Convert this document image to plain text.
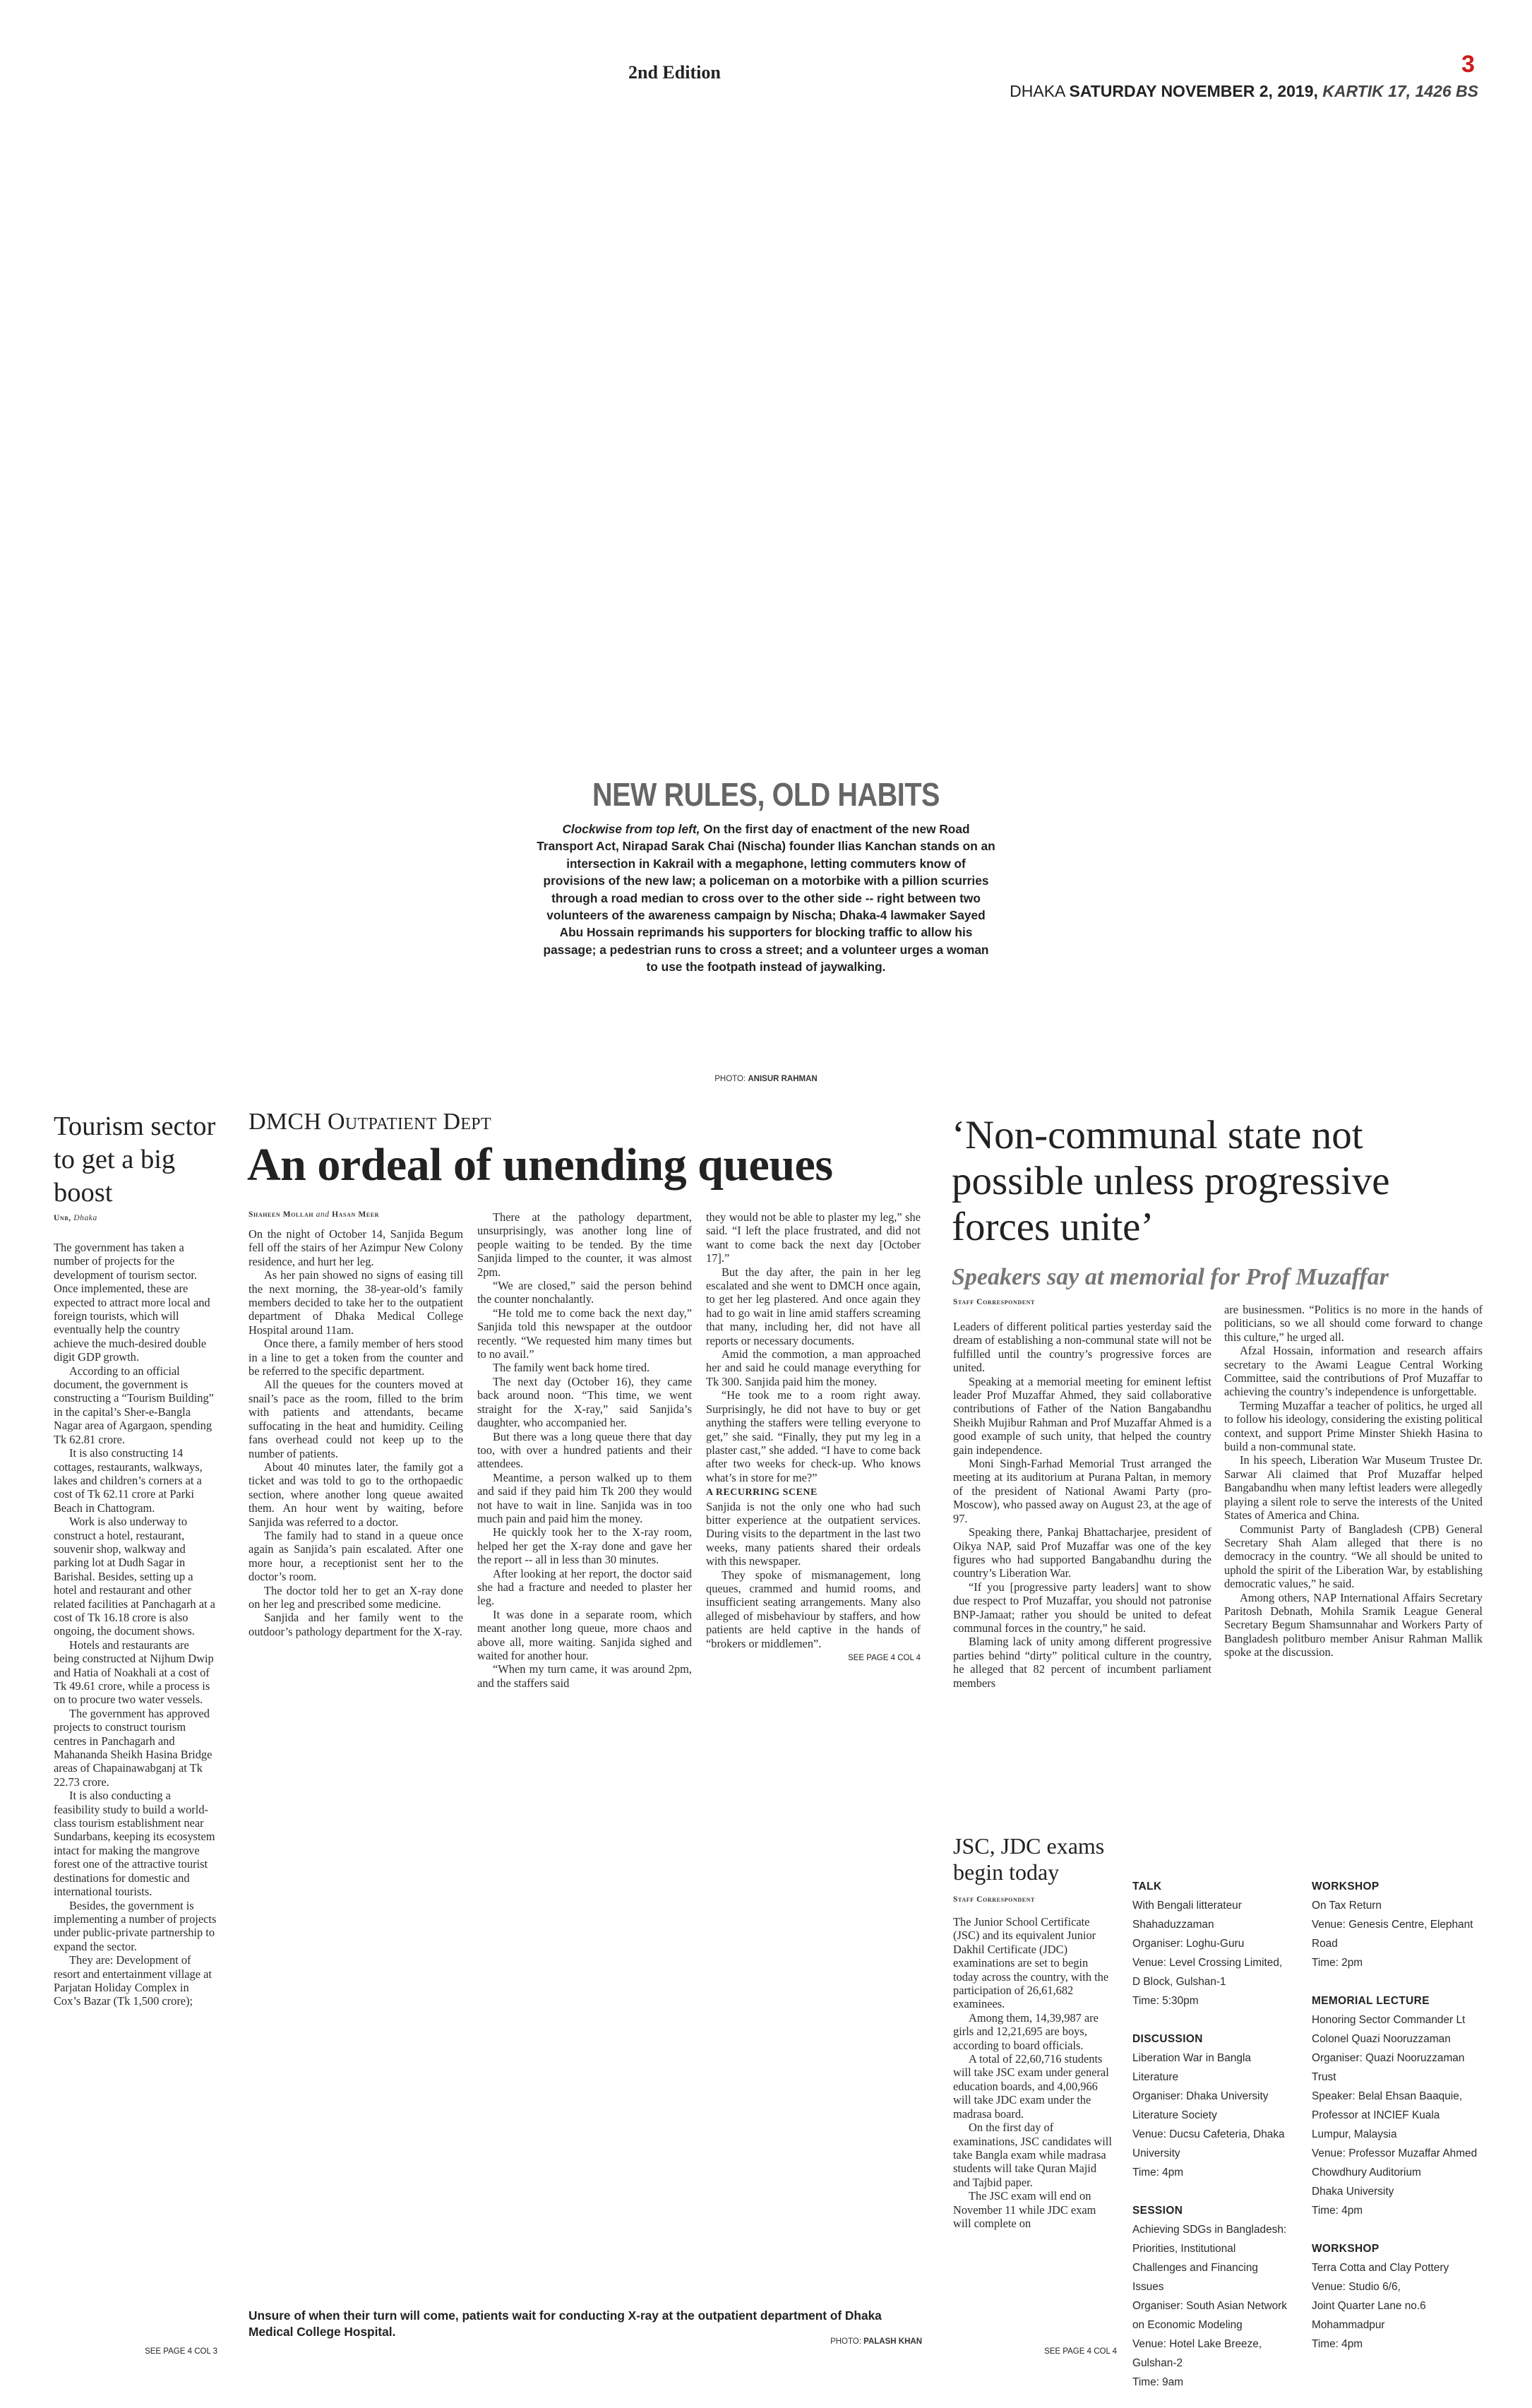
2nd Edition	3
DHAKA SATURDAY NOVEMBER 2, 2019, KARTIK 17, 1426 BS
NEW RULES, OLD HABITS
Clockwise from top left, On the first day of enactment of the new Road Transport Act, Nirapad Sarak Chai (Nischa) founder Ilias Kanchan stands on an intersection in Kakrail with a megaphone, letting commuters know of provisions of the new law; a policeman on a motorbike with a pillion scurries through a road median to cross over to the other side -- right between two volunteers of the awareness campaign by Nischa; Dhaka-4 lawmaker Sayed Abu Hossain reprimands his supporters for blocking traffic to allow his passage; a pedestrian runs to cross a street; and a volunteer urges a woman to use the footpath instead of jaywalking.
PHOTO: ANISUR RAHMAN
Tourism sector to get a big boost
Unb, Dhaka

The government has taken a number of projects for the development of tourism sector. Once implemented, these are expected to attract more local and foreign tourists, which will eventually help the country achieve the much-desired double digit GDP growth.

According to an official document, the government is constructing a “Tourism Building” in the capital’s Sher-e-Bangla Nagar area of Agargaon, spending Tk 62.81 crore.

It is also constructing 14 cottages, restaurants, walkways, lakes and children’s corners at a cost of Tk 62.11 crore at Parki Beach in Chattogram.

Work is also underway to construct a hotel, restaurant, souvenir shop, walkway and parking lot at Dudh Sagar in Barishal. Besides, setting up a hotel and restaurant and other related facilities at Panchagarh at a cost of Tk 16.18 crore is also ongoing, the document shows.

Hotels and restaurants are being constructed at Nijhum Dwip and Hatia of Noakhali at a cost of Tk 49.61 crore, while a process is on to procure two water vessels.

The government has approved projects to construct tourism centres in Panchagarh and Mahananda Sheikh Hasina Bridge areas of Chapainawabganj at Tk 22.73 crore.

It is also conducting a feasibility study to build a world-class tourism establishment near Sundarbans, keeping its ecosystem intact for making the mangrove forest one of the attractive tourist destinations for domestic and international tourists.

Besides, the government is implementing a number of projects under public-private partnership to expand the sector.

They are: Development of resort and entertainment village at Parjatan Holiday Complex in Cox’s Bazar (Tk 1,500 crore);

SEE PAGE 4 COL 3
DMCH Outpatient Dept
An ordeal of unending queues
Shaheen Mollah and Hasan Meer

On the night of October 14, Sanjida Begum fell off the stairs of her Azimpur New Colony residence, and hurt her leg.

As her pain showed no signs of easing till the next morning, the 38-year-old’s family members decided to take her to the outpatient department of Dhaka Medical College Hospital around 11am.

Once there, a family member of hers stood in a line to get a token from the counter and be referred to the specific department.

All the queues for the counters moved at snail’s pace as the room, filled to the brim with patients and attendants, became suffocating in the heat and humidity. Ceiling fans overhead could not keep up to the number of patients.

About 40 minutes later, the family got a ticket and was told to go to the orthopaedic section, where another long queue awaited them. An hour went by waiting, before Sanjida was referred to a doctor.

The family had to stand in a queue once again as Sanjida’s pain escalated. After one more hour, a receptionist sent her to the doctor’s room.

The doctor told her to get an X-ray done on her leg and prescribed some medicine.

Sanjida and her family went to the outdoor’s pathology department for the X-ray.

There at the pathology department, unsurprisingly, was another long line of people waiting to be tended. By the time Sanjida limped to the counter, it was almost 2pm.

“We are closed,” said the person behind the counter nonchalantly.

“He told me to come back the next day,” Sanjida told this newspaper at the outdoor recently. “We requested him many times but to no avail.”

The family went back home tired.

The next day (October 16), they came back around noon. “This time, we went straight for the X-ray,” said Sanjida’s daughter, who accompanied her.

But there was a long queue there that day too, with over a hundred patients and their attendees.

Meantime, a person walked up to them and said if they paid him Tk 200 they would not have to wait in line. Sanjida was in too much pain and paid him the money.

He quickly took her to the X-ray room, helped her get the X-ray done and gave her the report -- all in less than 30 minutes.

After looking at her report, the doctor said she had a fracture and needed to plaster her leg.

It was done in a separate room, which meant another long queue, more chaos and above all, more waiting. Sanjida sighed and waited for another hour.

“When my turn came, it was around 2pm, and the staffers said

they would not be able to plaster my leg,” she said. “I left the place frustrated, and did not want to come back the next day [October 17].”

But the day after, the pain in her leg escalated and she went to DMCH once again, to get her leg plastered. And once again they had to go wait in line amid staffers screaming that many, including her, did not have all reports or necessary documents.

Amid the commotion, a man approached her and said he could manage everything for Tk 300. Sanjida paid him the money.

“He took me to a room right away. Surprisingly, he did not have to buy or get anything the staffers were telling everyone to get,” she said. “Finally, they put my leg in a plaster cast,” she added. “I have to come back after two weeks for check-up. Who knows what’s in store for me?”

A RECURRING SCENE

Sanjida is not the only one who had such bitter experience at the outpatient services. During visits to the department in the last two weeks, many patients shared their ordeals with this newspaper.

They spoke of mismanagement, long queues, crammed and humid rooms, and insufficient seating arrangements. Many also alleged of misbehaviour by staffers, and how patients are held captive in the hands of “brokers or middlemen”.

SEE PAGE 4 COL 4
Unsure of when their turn will come, patients wait for conducting X-ray at the outpatient department of Dhaka Medical College Hospital.
PHOTO: PALASH KHAN
‘Non-communal state not possible unless progressive forces unite’
Speakers say at memorial for Prof Muzaffar
Staff Correspondent

Leaders of different political parties yesterday said the dream of establishing a non-communal state will not be fulfilled until the country’s progressive forces are united.

Speaking at a memorial meeting for eminent leftist leader Prof Muzaffar Ahmed, they said collaborative contributions of Father of the Nation Bangabandhu Sheikh Mujibur Rahman and Prof Muzaffar Ahmed is a good example of such unity, that helped the country gain independence.

Moni Singh-Farhad Memorial Trust arranged the meeting at its auditorium at Purana Paltan, in memory of the president of National Awami Party (pro-Moscow), who passed away on August 23, at the age of 97.

Speaking there, Pankaj Bhattacharjee, president of Oikya NAP, said Prof Muzaffar was one of the key figures who had supported Bangabandhu during the country’s Liberation War.

“If you [progressive party leaders] want to show due respect to Prof Muzaffar, you should not patronise BNP-Jamaat; rather you should be united to defeat communal forces in the country,” he said.

Blaming lack of unity among different progressive parties behind “dirty” political culture in the country, he alleged that 82 percent of incumbent parliament members

are businessmen. “Politics is no more in the hands of politicians, so we all should come forward to change this culture,” he urged all.

Afzal Hossain, information and research affairs secretary to the Awami League Central Working Committee, said the contributions of Prof Muzaffar to achieving the country’s independence is unforgettable.

Terming Muzaffar a teacher of politics, he urged all to follow his ideology, considering the existing political context, and support Prime Minster Shiekh Hasina to build a non-communal state.

In his speech, Liberation War Museum Trustee Dr. Sarwar Ali claimed that Prof Muzaffar helped Bangabandhu when many leftist leaders were allegedly playing a silent role to serve the interests of the United States of America and China.

Communist Party of Bangladesh (CPB) General Secretary Shah Alam alleged that there is no democracy in the country. “We all should be united to uphold the spirit of the Liberation War, by establishing democratic values,” he said.

Among others, NAP International Affairs Secretary Paritosh Debnath, Mohila Sramik League General Secretary Begum Shamsunnahar and Workers Party of Bangladesh politburo member Anisur Rahman Mallik spoke at the discussion.

JSC, JDC exams begin today
Staff Correspondent

The Junior School Certificate (JSC) and its equivalent Junior Dakhil Certificate (JDC) examinations are set to begin today across the country, with the participation of 26,61,682 examinees.

Among them, 14,39,987 are girls and 12,21,695 are boys, according to board officials.

A total of 22,60,716 students will take JSC exam under general education boards, and 4,00,966 will take JDC exam under the madrasa board.

On the first day of examinations, JSC candidates will take Bangla exam while madrasa students will take Quran Majid and Tajbid paper.

The JSC exam will end on November 11 while JDC exam will complete on

SEE PAGE 4 COL 4
TALK
With Bengali litterateur Shahaduzzaman
Organiser: Loghu-Guru
Venue: Level Crossing Limited, D Block, Gulshan-1
Time: 5:30pm
DISCUSSION
Liberation War in Bangla Literature
Organiser: Dhaka University Literature Society
Venue: Ducsu Cafeteria, Dhaka University
Time: 4pm
SESSION
Achieving SDGs in Bangladesh: Priorities, Institutional Challenges and Financing Issues
Organiser: South Asian Network on Economic Modeling
Venue: Hotel Lake Breeze, Gulshan-2
Time: 9am
WORKSHOP
On Tax Return
Venue: Genesis Centre, Elephant Road
Time: 2pm
MEMORIAL LECTURE
Honoring Sector Commander Lt Colonel Quazi Nooruzzaman
Organiser: Quazi Nooruzzaman Trust
Speaker: Belal Ehsan Baaquie, Professor at INCIEF Kuala Lumpur, Malaysia
Venue: Professor Muzaffar Ahmed Chowdhury Auditorium
Dhaka University
Time: 4pm
WORKSHOP
Terra Cotta and Clay Pottery
Venue: Studio 6/6,
Joint Quarter Lane no.6
Mohammadpur
Time: 4pm
